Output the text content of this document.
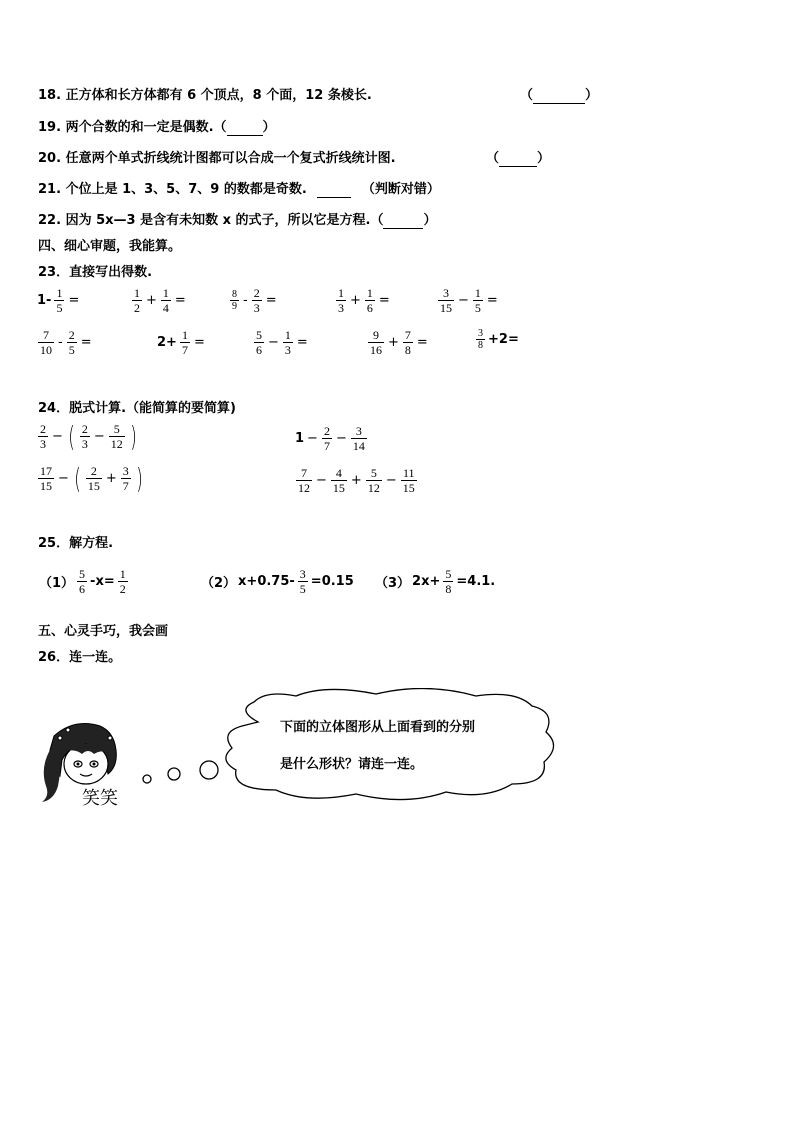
18. 正方体和长方体都有 6 个顶点，8 个面，12 条棱长.	（	）
19. 两个合数的和一定是偶数.（	）
20. 任意两个单式折线统计图都可以合成一个复式折线统计图.	（	）
21. 个位上是 1、3、5、7、9 的数都是奇数.	（判断对错）
22. 因为 5x—3 是含有未知数 x 的式子，所以它是方程.（	）
四、细心审题，我能算。
23．直接写出得数.
$1- \frac{1}{5}$ =	$\frac{1}{2} + \frac{1}{4}$ =	$\frac{8}{9} - \frac{2}{3}$ =	$\frac{1}{3} + \frac{1}{6}$ =	$\frac{3}{15} - \frac{1}{5}$ =
$\frac{7}{10} - \frac{2}{5}$ =	$2+ \frac{1}{7}$ =	$\frac{5}{6} - \frac{1}{3}$ =	$\frac{9}{16} + \frac{7}{8}$ =	$\frac{3}{8} +2=$
24．脱式计算.（能简算的要简算)
$\frac{2}{3}$ − ( $\frac{2}{3} - \frac{5}{12}$ )	$1 - \frac{2}{7} - \frac{3}{14}$
$\frac{17}{15}$ − ( $\frac{2}{15} + \frac{3}{7}$ )	$\frac{7}{12} - \frac{4}{15} + \frac{5}{12} - \frac{11}{15}$
25．解方程.
$(1) \frac{5}{6} -x= \frac{1}{2}$	（2） $x+0.75- \frac{3}{5} =0.15$ （3） $2x+ \frac{5}{8} =4.1$.
五、心灵手巧，我会画
26．连一连。
笑笑
下面的立体图形从上面看到的分别
是什么形状？请连一连。
